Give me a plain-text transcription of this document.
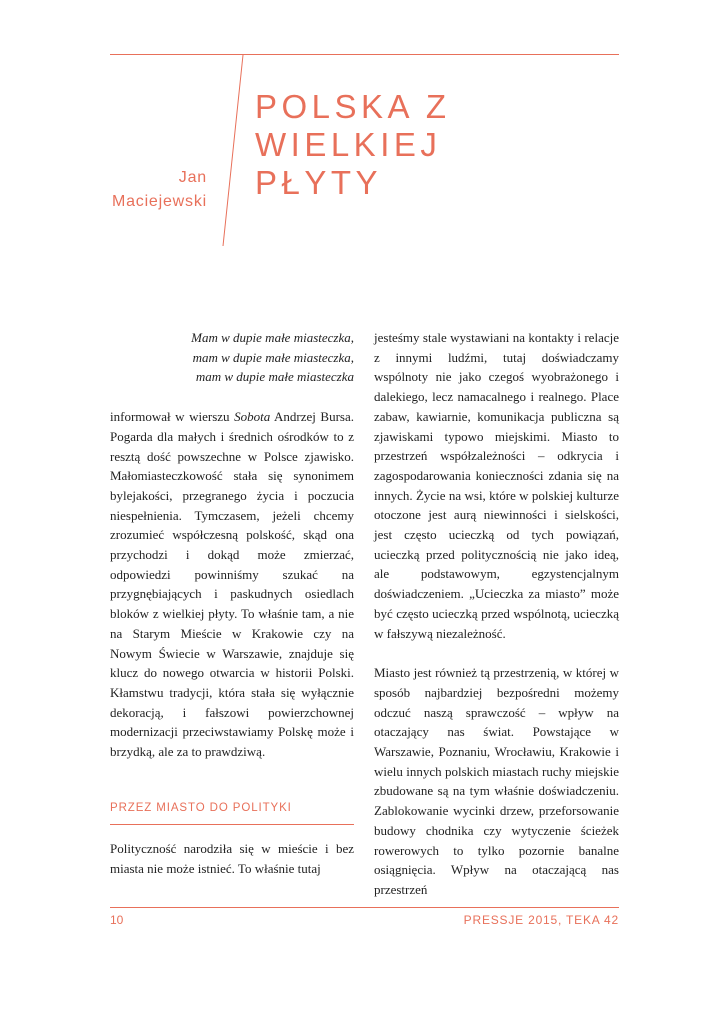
POLSKA Z WIELKIEJ
PŁYTY
Jan
Maciejewski
Mam w dupie małe miasteczka,
mam w dupie małe miasteczka,
mam w dupie małe miasteczka

informował w wierszu Sobota Andrzej Bursa. Pogarda dla małych i średnich ośrodków to z resztą dość powszechne w Polsce zjawisko. Małomiasteczkowość stała się synonimem bylejakości, przegranego życia i poczucia niespełnienia. Tymczasem, jeżeli chcemy zrozumieć współczesną polskość, skąd ona przychodzi i dokąd może zmierzać, odpowiedzi powinniśmy szukać na przygnębiających i paskudnych osiedlach bloków z wielkiej płyty. To właśnie tam, a nie na Starym Mieście w Krakowie czy na Nowym Świecie w Warszawie, znajduje się klucz do nowego otwarcia w historii Polski. Kłamstwu tradycji, która stała się wyłącznie dekoracją, i fałszowi powierzchownej modernizacji przeciwstawiamy Polskę może i brzydką, ale za to prawdziwą.

PRZEZ MIASTO DO POLITYKI

Polityczność narodziła się w mieście i bez miasta nie może istnieć. To właśnie tutaj

jesteśmy stale wystawiani na kontakty i relacje z innymi ludźmi, tutaj doświadczamy wspólnoty nie jako czegoś wyobrażonego i dalekiego, lecz namacalnego i realnego. Place zabaw, kawiarnie, komunikacja publiczna są zjawiskami typowo miejskimi. Miasto to przestrzeń współzależności – odkrycia i zagospodarowania konieczności zdania się na innych. Życie na wsi, które w polskiej kulturze otoczone jest aurą niewinności i sielskości, jest często ucieczką od tych powiązań, ucieczką przed politycznością nie jako ideą, ale podstawowym, egzystencjalnym doświadczeniem. „Ucieczka za miasto” może być często ucieczką przed wspólnotą, ucieczką w fałszywą niezależność.

Miasto jest również tą przestrzenią, w której w sposób najbardziej bezpośredni możemy odczuć naszą sprawczość – wpływ na otaczający nas świat. Powstające w Warszawie, Poznaniu, Wrocławiu, Krakowie i wielu innych polskich miastach ruchy miejskie zbudowane są na tym właśnie doświadczeniu. Zablokowanie wycinki drzew, przeforsowanie budowy chodnika czy wytyczenie ścieżek rowerowych to tylko pozornie banalne osiągnięcia. Wpływ na otaczającą nas przestrzeń

10	PRESSJE 2015, TEKA 42
